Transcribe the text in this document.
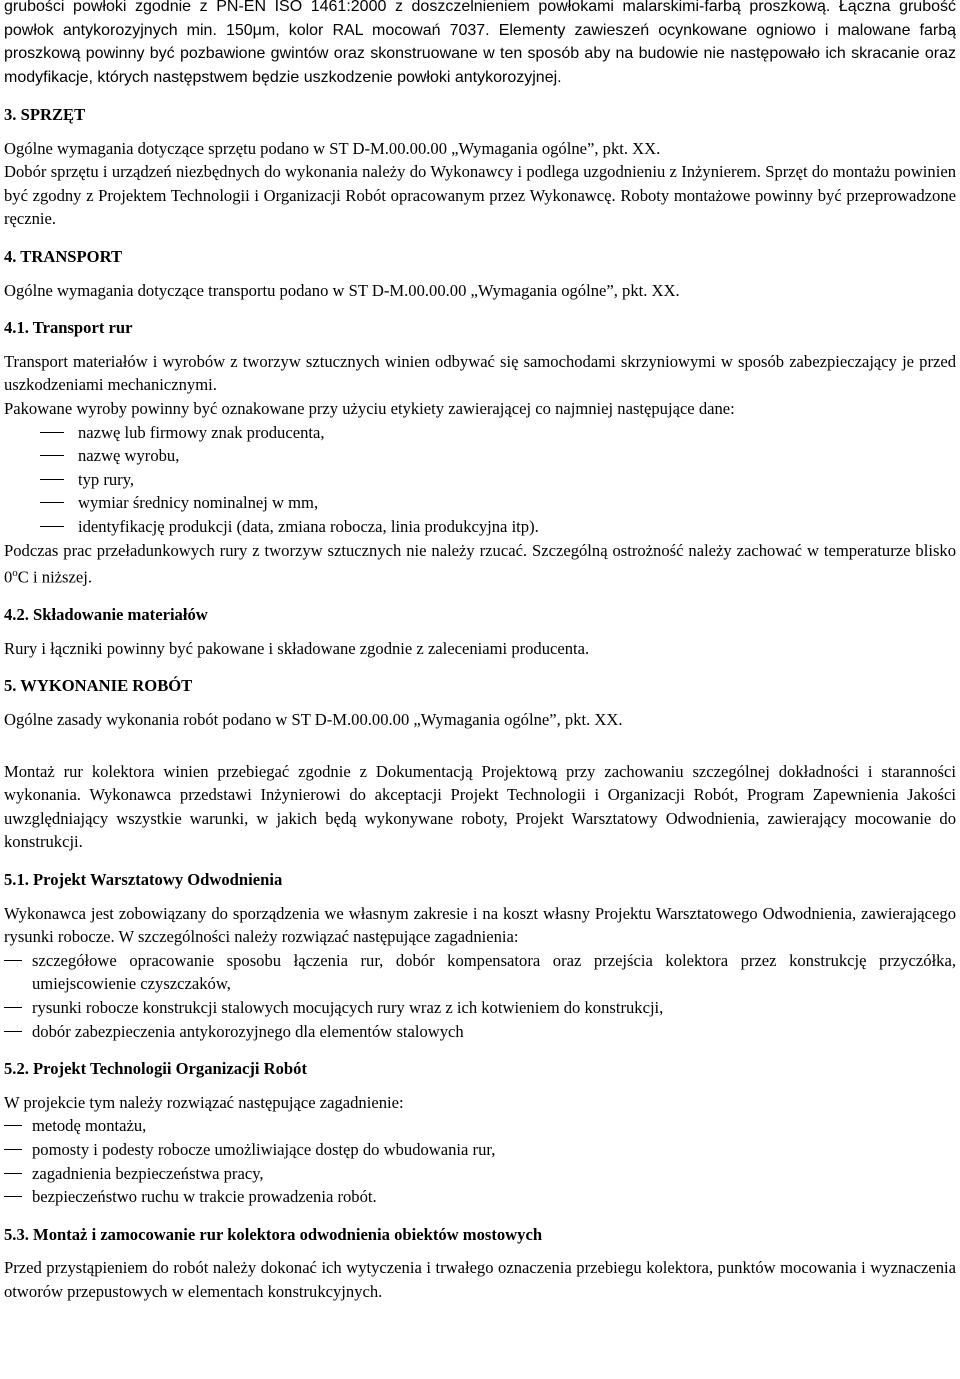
grubości powłoki zgodnie z PN-EN ISO 1461:2000 z doszczelnieniem powłokami malarskimi-farbą proszkową. Łączna grubość powłok antykorozyjnych min. 150μm, kolor RAL mocowań 7037. Elementy zawieszeń ocynkowane ogniowo i malowane farbą proszkową powinny być pozbawione gwintów oraz skonstruowane w ten sposób aby na budowie nie następowało ich skracanie oraz modyfikacje, których następstwem będzie uszkodzenie powłoki antykorozyjnej.

3. SPRZĘT

Ogólne wymagania dotyczące sprzętu podano w ST D-M.00.00.00 „Wymagania ogólne”, pkt. XX.

Dobór sprzętu i urządzeń niezbędnych do wykonania należy do Wykonawcy i podlega uzgodnieniu z Inżynierem. Sprzęt do montażu powinien być zgodny z Projektem Technologii i Organizacji Robót opracowanym przez Wykonawcę. Roboty montażowe powinny być przeprowadzone ręcznie.

4. TRANSPORT

Ogólne wymagania dotyczące transportu podano w ST D-M.00.00.00 „Wymagania ogólne”, pkt. XX.

4.1. Transport rur

Transport materiałów i wyrobów z tworzyw sztucznych winien odbywać się samochodami skrzyniowymi w sposób zabezpieczający je przed uszkodzeniami mechanicznymi.

Pakowane wyroby powinny być oznakowane przy użyciu etykiety zawierającej co najmniej następujące dane:

nazwę lub firmowy znak producenta,
nazwę wyrobu,
typ rury,
wymiar średnicy nominalnej w mm,
identyfikację produkcji (data, zmiana robocza, linia produkcyjna itp).

Podczas prac przeładunkowych rury z tworzyw sztucznych nie należy rzucać. Szczególną ostrożność należy zachować w temperaturze blisko 0$^o$C i niższej.

4.2. Składowanie materiałów

Rury i łączniki powinny być pakowane i składowane zgodnie z zaleceniami producenta.

5. WYKONANIE ROBÓT

Ogólne zasady wykonania robót podano w ST D-M.00.00.00 „Wymagania ogólne”, pkt. XX.

Montaż rur kolektora winien przebiegać zgodnie z Dokumentacją Projektową przy zachowaniu szczególnej dokładności i staranności wykonania. Wykonawca przedstawi Inżynierowi do akceptacji Projekt Technologii i Organizacji Robót, Program Zapewnienia Jakości uwzględniający wszystkie warunki, w jakich będą wykonywane roboty, Projekt Warsztatowy Odwodnienia, zawierający mocowanie do konstrukcji.

5.1. Projekt Warsztatowy Odwodnienia

Wykonawca jest zobowiązany do sporządzenia we własnym zakresie i na koszt własny Projektu Warsztatowego Odwodnienia, zawierającego rysunki robocze. W szczególności należy rozwiązać następujące zagadnienia:

szczegółowe opracowanie sposobu łączenia rur, dobór kompensatora oraz przejścia kolektora przez konstrukcję przyczółka, umiejscowienie czyszczaków,
rysunki robocze konstrukcji stalowych mocujących rury wraz z ich kotwieniem do konstrukcji,
dobór zabezpieczenia antykorozyjnego dla elementów stalowych
5.2. Projekt Technologii Organizacji Robót

W projekcie tym należy rozwiązać następujące zagadnienie:

metodę montażu,
pomosty i podesty robocze umożliwiające dostęp do wbudowania rur,
zagadnienia bezpieczeństwa pracy,
bezpieczeństwo ruchu w trakcie prowadzenia robót.
5.3. Montaż i zamocowanie rur kolektora odwodnienia obiektów mostowych

Przed przystąpieniem do robót należy dokonać ich wytyczenia i trwałego oznaczenia przebiegu kolektora, punktów mocowania i wyznaczenia otworów przepustowych w elementach konstrukcyjnych.
